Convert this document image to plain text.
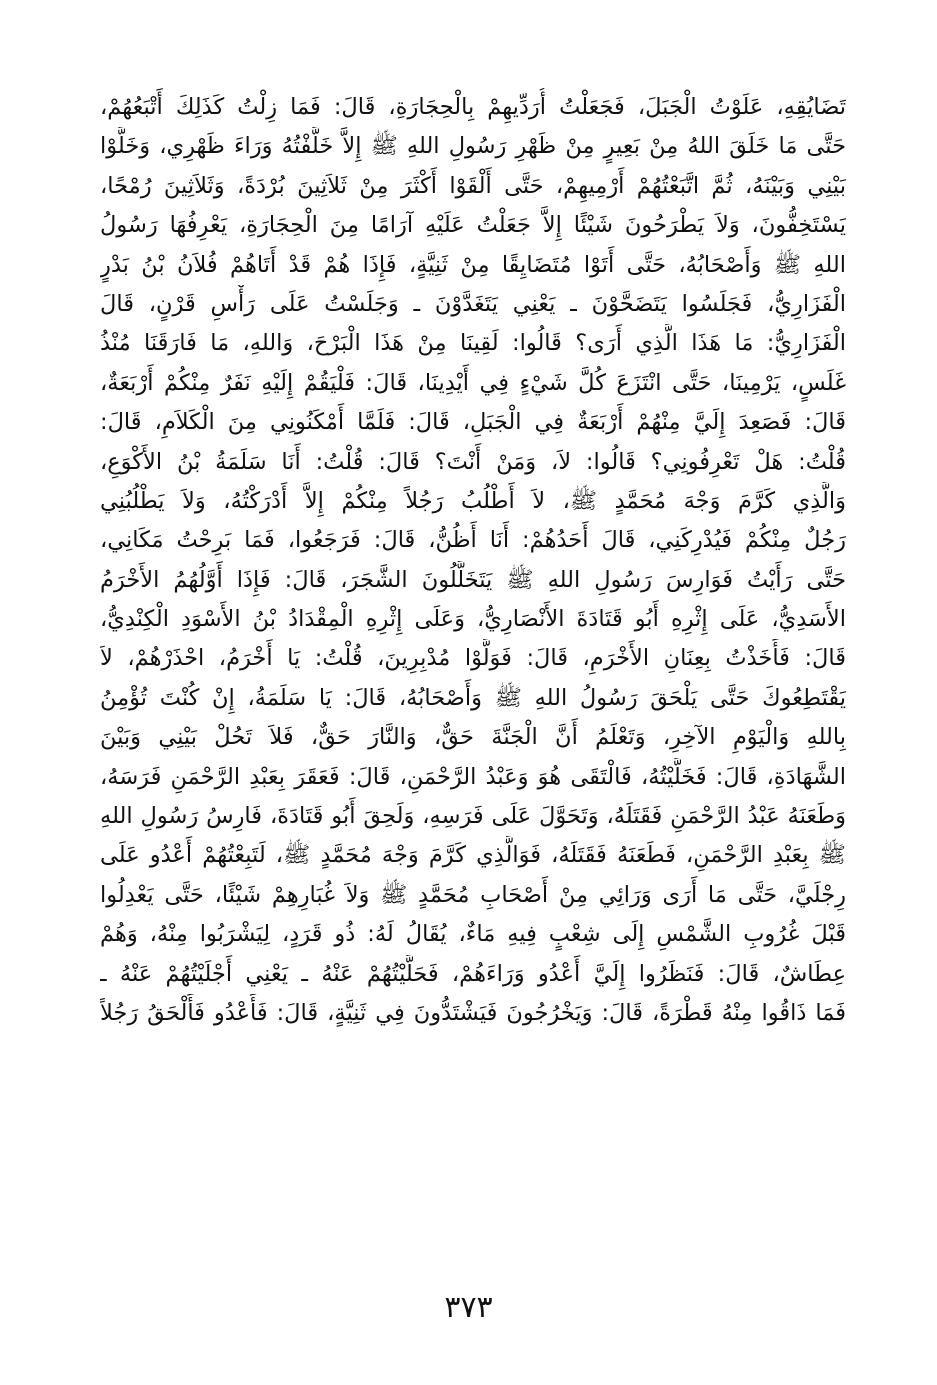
تَضَايُقِهِ، عَلَوْتُ الْجَبَلَ، فَجَعَلْتُ أُرَدِّيهِمْ بِالْحِجَارَةِ، قَالَ: فَمَا زِلْتُ كَذَلِكَ أَتْبَعُهُمْ،
حَتَّى مَا خَلَقَ اللهُ مِنْ بَعِيرٍ مِنْ ظَهْرِ رَسُولِ اللهِ ﷺ إِلاَّ خَلَّفْتُهُ وَرَاءَ ظَهْرِي، وَخَلَّوْا
بَيْنِي وَبَيْنَهُ، ثُمَّ اتَّبَعْتُهُمْ أَرْمِيهِمْ، حَتَّى أَلْقَوْا أَكْثَرَ مِنْ ثَلاَثِينَ بُرْدَةً، وَثَلاَثِينَ رُمْحًا،
يَسْتَخِفُّونَ، وَلاَ يَطْرَحُونَ شَيْئًا إِلاَّ جَعَلْتُ عَلَيْهِ آرَامًا مِنَ الْحِجَارَةِ، يَعْرِفُهَا رَسُولُ
اللهِ ﷺ وَأَصْحَابُهُ، حَتَّى أَتَوْا مُتَضَايِقًا مِنْ ثَنِيَّةٍ، فَإِذَا هُمْ قَدْ أَتَاهُمْ فُلاَنُ بْنُ بَدْرٍ
الْفَزَارِيُّ، فَجَلَسُوا يَتَضَحَّوْنَ ـ يَعْنِي يَتَغَدَّوْنَ ـ وَجَلَسْتُ عَلَى رَأْسِ قَرْنٍ، قَالَ
الْفَزَارِيُّ: مَا هَذَا الَّذِي أَرَى؟ قَالُوا: لَقِينَا مِنْ هَذَا الْبَرْحَ، وَاللهِ، مَا فَارَقَنَا مُنْذُ
غَلَسٍ، يَرْمِينَا، حَتَّى انْتَزَعَ كُلَّ شَيْءٍ فِي أَيْدِينَا، قَالَ: فَلْيَقُمْ إِلَيْهِ نَفَرٌ مِنْكُمْ أَرْبَعَةٌ،
قَالَ: فَصَعِدَ إِلَيَّ مِنْهُمْ أَرْبَعَةٌ فِي الْجَبَلِ، قَالَ: فَلَمَّا أَمْكَنُونِي مِنَ الْكَلاَمِ، قَالَ:
قُلْتُ: هَلْ تَعْرِفُونِي؟ قَالُوا: لاَ، وَمَنْ أَنْتَ؟ قَالَ: قُلْتُ: أَنَا سَلَمَةُ بْنُ الأَكْوَعِ،
وَالَّذِي كَرَّمَ وَجْهَ مُحَمَّدٍ ﷺ، لاَ أَطْلُبُ رَجُلاً مِنْكُمْ إِلاَّ أَدْرَكْتُهُ، وَلاَ يَطْلُبُنِي
رَجُلٌ مِنْكُمْ فَيُدْرِكَنِي، قَالَ أَحَدُهُمْ: أَنَا أَظُنُّ، قَالَ: فَرَجَعُوا، فَمَا بَرِحْتُ مَكَانِي،
حَتَّى رَأَيْتُ فَوَارِسَ رَسُولِ اللهِ ﷺ يَتَخَلَّلُونَ الشَّجَرَ، قَالَ: فَإِذَا أَوَّلُهُمُ الأَخْرَمُ
الأَسَدِيُّ، عَلَى إِثْرِهِ أَبُو قَتَادَةَ الأَنْصَارِيُّ، وَعَلَى إِثْرِهِ الْمِقْدَادُ بْنُ الأَسْوَدِ الْكِنْدِيُّ،
قَالَ: فَأَخَذْتُ بِعِنَانِ الأَخْرَمِ، قَالَ: فَوَلَّوْا مُدْبِرِينَ، قُلْتُ: يَا أَخْرَمُ، احْذَرْهُمْ، لاَ
يَقْتَطِعُوكَ حَتَّى يَلْحَقَ رَسُولُ اللهِ ﷺ وَأَصْحَابُهُ، قَالَ: يَا سَلَمَةُ، إِنْ كُنْتَ تُؤْمِنُ
بِاللهِ وَالْيَوْمِ الآخِرِ، وَتَعْلَمُ أَنَّ الْجَنَّةَ حَقٌّ، وَالنَّارَ حَقٌّ، فَلاَ تَحُلْ بَيْنِي وَبَيْنَ
الشَّهَادَةِ، قَالَ: فَخَلَّيْتُهُ، فَالْتَقَى هُوَ وَعَبْدُ الرَّحْمَنِ، قَالَ: فَعَقَرَ بِعَبْدِ الرَّحْمَنِ فَرَسَهُ،
وَطَعَنَهُ عَبْدُ الرَّحْمَنِ فَقَتَلَهُ، وَتَحَوَّلَ عَلَى فَرَسِهِ، وَلَحِقَ أَبُو قَتَادَةَ، فَارِسُ رَسُولِ اللهِ
ﷺ بِعَبْدِ الرَّحْمَنِ، فَطَعَنَهُ فَقَتَلَهُ، فَوَالَّذِي كَرَّمَ وَجْهَ مُحَمَّدٍ ﷺ، لَتَبِعْتُهُمْ أَعْدُو عَلَى
رِجْلَيَّ، حَتَّى مَا أَرَى وَرَائِي مِنْ أَصْحَابِ مُحَمَّدٍ ﷺ وَلاَ غُبَارِهِمْ شَيْئًا، حَتَّى يَعْدِلُوا
قَبْلَ غُرُوبِ الشَّمْسِ إِلَى شِعْبٍ فِيهِ مَاءٌ، يُقَالُ لَهُ: ذُو قَرَدٍ، لِيَشْرَبُوا مِنْهُ، وَهُمْ
عِطَاشٌ، قَالَ: فَنَظَرُوا إِلَيَّ أَعْدُو وَرَاءَهُمْ، فَحَلَّيْتُهُمْ عَنْهُ ـ يَعْنِي أَجْلَيْتُهُمْ عَنْهُ ـ
فَمَا ذَاقُوا مِنْهُ قَطْرَةً، قَالَ: وَيَخْرُجُونَ فَيَشْتَدُّونَ فِي ثَنِيَّةٍ، قَالَ: فَأَعْدُو فَأَلْحَقُ رَجُلاً
٣٧٣
